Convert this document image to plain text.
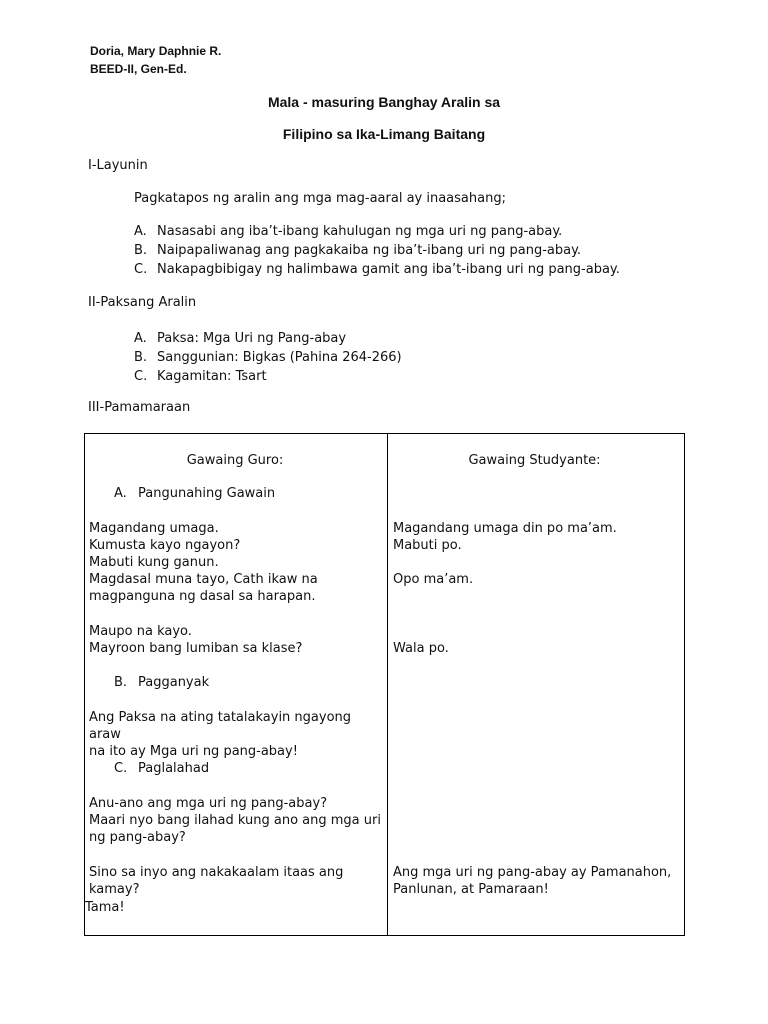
Doria, Mary Daphnie R.
BEED-II, Gen-Ed.
Mala - masuring Banghay Aralin sa
Filipino sa Ika-Limang Baitang
I-Layunin
Pagkatapos ng aralin ang mga mag-aaral ay inaasahang;
A. Nasasabi ang iba’t-ibang kahulugan ng mga uri ng pang-abay.
B. Naipapaliwanag ang pagkakaiba ng iba’t-ibang uri ng pang-abay.
C. Nakapagbibigay ng halimbawa gamit ang iba’t-ibang uri ng pang-abay.
II-Paksang Aralin
A. Paksa: Mga Uri ng Pang-abay
B. Sanggunian: Bigkas (Pahina 264-266)
C. Kagamitan: Tsart
III-Pamamaraan
Gawaing Guro:	Gawaing Studyante:
A. Pangunahing Gawain
Magandang umaga.
Kumusta kayo ngayon?
Mabuti kung ganun.
Magdasal muna tayo, Cath ikaw na
magpanguna ng dasal sa harapan.
Magandang umaga din po ma’am.
Mabuti po.
Opo ma’am.
Maupo na kayo.
Mayroon bang lumiban sa klase?	Wala po.
B. Pagganyak
Ang Paksa na ating tatalakayin ngayong araw
na ito ay Mga uri ng pang-abay!
C. Paglalahad
Anu-ano ang mga uri ng pang-abay?
Maari nyo bang ilahad kung ano ang mga uri
ng pang-abay?
Sino sa inyo ang nakakaalam itaas ang kamay?
Ang mga uri ng pang-abay ay Pamanahon,
Panlunan, at Pamaraan!
Tama!
